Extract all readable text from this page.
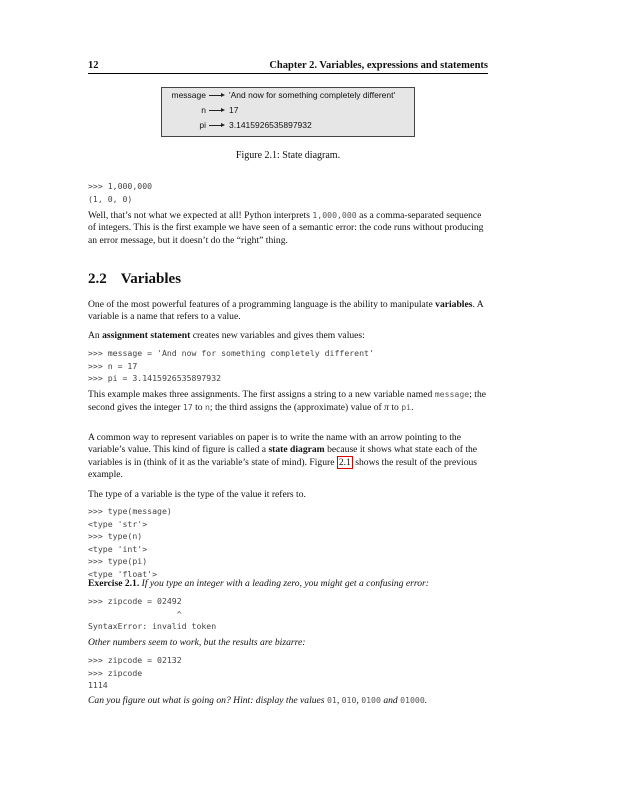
12	Chapter 2. Variables, expressions and statements
message	'And now for something completely different'
n	17
pi	3.1415926535897932
Figure 2.1: State diagram.
>>> 1,000,000
(1, 0, 0)
Well, that’s not what we expected at all! Python interprets 1,000,000 as a comma-separated sequence of integers. This is the first example we have seen of a semantic error: the code runs without producing an error message, but it doesn’t do the “right” thing.
2.2 Variables
One of the most powerful features of a programming language is the ability to manipulate variables. A variable is a name that refers to a value.
An assignment statement creates new variables and gives them values:
>>> message = 'And now for something completely different'
>>> n = 17
>>> pi = 3.1415926535897932
This example makes three assignments. The first assigns a string to a new variable named message; the second gives the integer 17 to n; the third assigns the (approximate) value of π to pi.
A common way to represent variables on paper is to write the name with an arrow pointing to the variable’s value. This kind of figure is called a state diagram because it shows what state each of the variables is in (think of it as the variable’s state of mind). Figure 2.1 shows the result of the previous example.
The type of a variable is the type of the value it refers to.
>>> type(message)
<type 'str'>
>>> type(n)
<type 'int'>
>>> type(pi)
<type 'float'>
Exercise 2.1. If you type an integer with a leading zero, you might get a confusing error:
>>> zipcode = 02492
^
SyntaxError: invalid token
Other numbers seem to work, but the results are bizarre:
>>> zipcode = 02132
>>> zipcode
1114
Can you figure out what is going on? Hint: display the values 01, 010, 0100 and 01000.
